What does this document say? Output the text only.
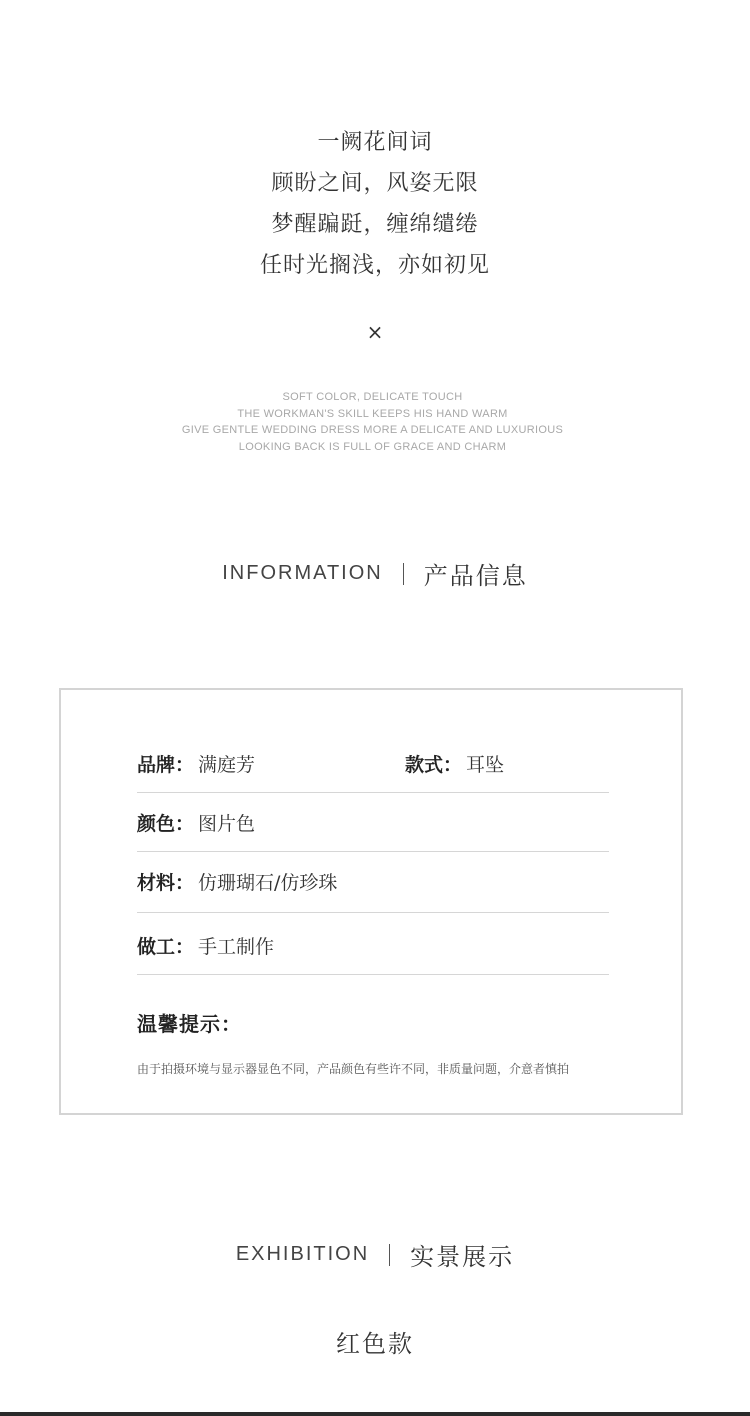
一阙花间词
顾盼之间，风姿无限
梦醒蹁跹，缠绵缱绻
任时光搁浅，亦如初见
×
SOFT COLOR, DELICATE TOUCH
THE WORKMAN'S SKILL KEEPS HIS HAND WARM
GIVE GENTLE WEDDING DRESS MORE A DELICATE AND LUXURIOUS
LOOKING BACK IS FULL OF GRACE AND CHARM
INFORMATION 产品信息
品牌： 满庭芳	款式： 耳坠
颜色： 图片色
材料： 仿珊瑚石/仿珍珠
做工： 手工制作
温馨提示：
由于拍摄环境与显示器显色不同，产品颜色有些许不同，非质量问题，介意者慎拍
EXHIBITION 实景展示
红色款
